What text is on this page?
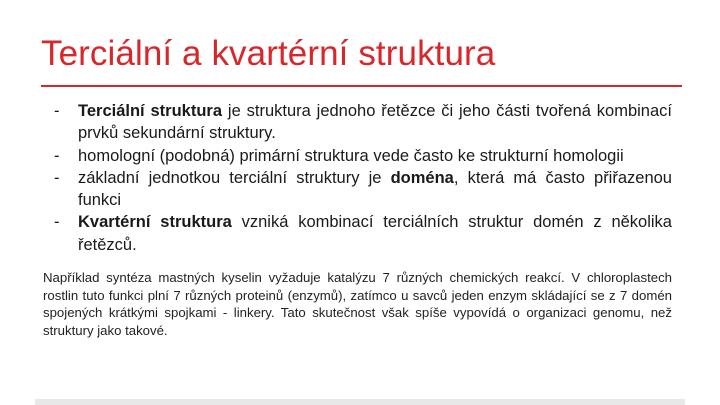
Terciální a kvartérní struktura
- Terciální struktura je struktura jednoho řetězce či jeho části tvořená kombinací prvků sekundární struktury.
- homologní (podobná) primární struktura vede často ke strukturní homologii
- základní jednotkou terciální struktury je doména, která má často přiřazenou funkci
- Kvartérní struktura vzniká kombinací terciálních struktur domén z několika řetězců.

Například syntéza mastných kyselin vyžaduje katalýzu 7 různých chemických reakcí. V chloroplastech rostlin tuto funkci plní 7 různých proteinů (enzymů), zatímco u savců jeden enzym skládající se z 7 domén spojených krátkými spojkami - linkery. Tato skutečnost však spíše vypovídá o organizaci genomu, než struktury jako takové.
